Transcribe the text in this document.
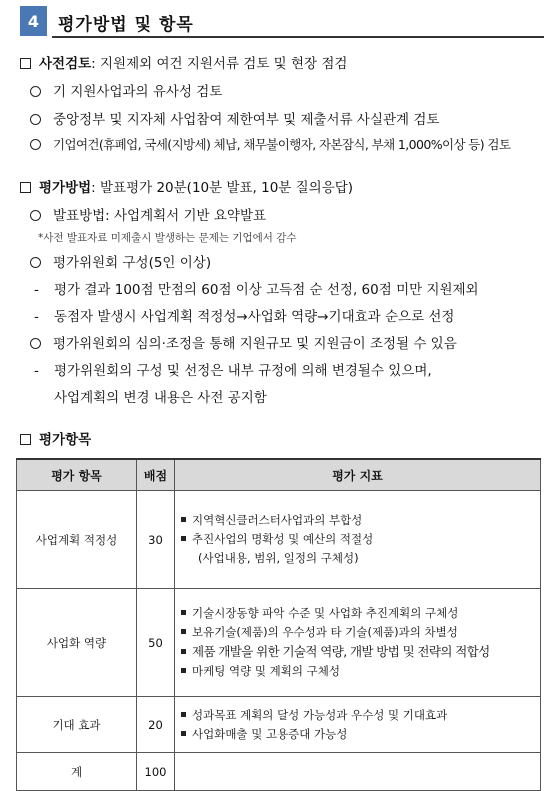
4	평가방법 및 항목
사전검토: 지원제외 여건 지원서류 검토 및 현장 점검
기 지원사업과의 유사성 검토
중앙정부 및 지자체 사업참여 제한여부 및 제출서류 사실관계 검토
기업여건(휴폐업, 국세(지방세) 체납, 채무불이행자, 자본잠식, 부채 1,000%이상 등) 검토
평가방법: 발표평가 20분(10분 발표, 10분 질의응답)
발표방법: 사업계획서 기반 요약발표
*사전 발표자료 미제출시 발생하는 문제는 기업에서 감수
평가위원회 구성(5인 이상)
- 평가 결과 100점 만점의 60점 이상 고득점 순 선정, 60점 미만 지원제외
- 동점자 발생시 사업계획 적정성→사업화 역량→기대효과 순으로 선정
평가위원회의 심의·조정을 통해 지원규모 및 지원금이 조정될 수 있음
- 평가위원회의 구성 및 선정은 내부 규정에 의해 변경될수 있으며,
사업계획의 변경 내용은 사전 공지함
평가항목
평가 항목	배점	평가 지표
사업계획 적정성	30	지역혁신클러스터사업과의 부합성
추진사업의 명확성 및 예산의 적절성
(사업내용, 범위, 일정의 구체성)

사업화 역량	50	기술시장동향 파악 수준 및 사업화 추진계획의 구체성
보유기술(제품)의 우수성과 타 기술(제품)과의 차별성
제품 개발을 위한 기술적 역량, 개발 방법 및 전략의 적합성
마케팅 역량 및 계획의 구체성

기대 효과	20	성과목표 계획의 달성 가능성과 우수성 및 기대효과
사업화매출 및 고용증대 가능성

계	100	
